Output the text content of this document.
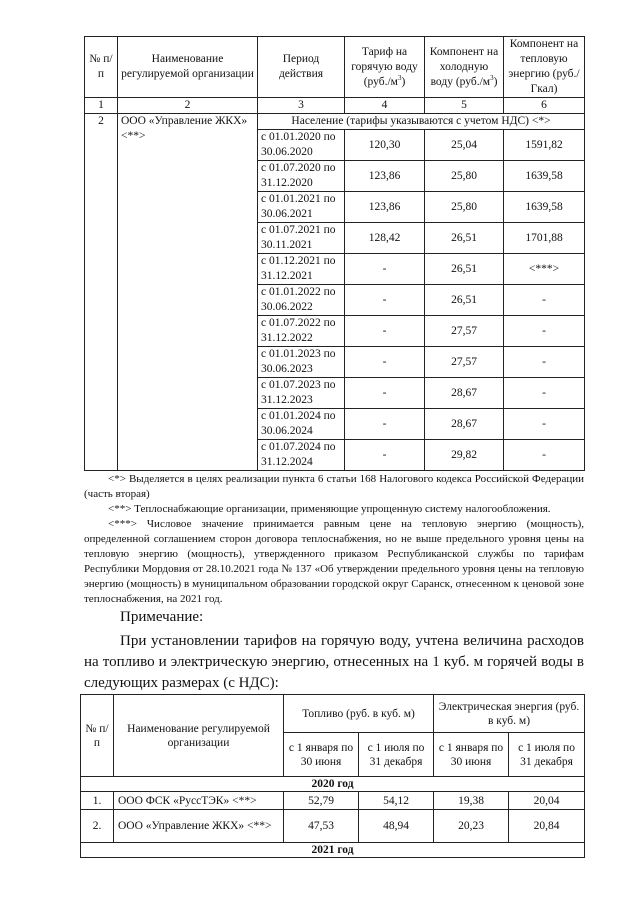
№ п/п	Наименование регулируемой организации	Период действия	Тариф на горячую воду $(руб./м^3)$	Компонент на холодную воду $(руб./м^3)$	Компонент на тепловую энергию (руб./Гкал)
1	2	3	4	5	6
2	ООО «Управление ЖКХ» <**>	Население (тарифы указываются с учетом НДС) <*>			
		с 01.01.2020 по 30.06.2020	120,30	25,04	1591,82
		с 01.07.2020 по 31.12.2020	123,86	25,80	1639,58
		с 01.01.2021 по 30.06.2021	123,86	25,80	1639,58
		с 01.07.2021 по 30.11.2021	128,42	26,51	1701,88
		с 01.12.2021 по 31.12.2021	-	26,51	<***>
		с 01.01.2022 по 30.06.2022	-	26,51	-
		с 01.07.2022 по 31.12.2022	-	27,57	-
		с 01.01.2023 по 30.06.2023	-	27,57	-
		с 01.07.2023 по 31.12.2023	-	28,67	-
		с 01.01.2024 по 30.06.2024	-	28,67	-
		с 01.07.2024 по 31.12.2024	-	29,82	-

<*> Выделяется в целях реализации пункта 6 статьи 168 Налогового кодекса Российской Федерации (часть вторая)

<**> Теплоснабжающие организации, применяющие упрощенную систему налогообложения.

<***> Числовое значение принимается равным цене на тепловую энергию (мощность), определенной соглашением сторон договора теплоснабжения, но не выше предельного уровня цены на тепловую энергию (мощность), утвержденного приказом Республиканской службы по тарифам Республики Мордовия от 28.10.2021 года № 137 «Об утверждении предельного уровня цены на тепловую энергию (мощность) в муниципальном образовании городской округ Саранск, отнесенном к ценовой зоне теплоснабжения, на 2021 год.

Примечание:

При установлении тарифов на горячую воду, учтена величина расходов на топливо и электрическую энергию, отнесенных на 1 куб. м горячей воды в следующих размерах (с НДС):

№ п/п	Наименование регулируемой организации	Топливо (руб. в куб. м)		Электрическая энергия (руб. в куб. м)	
		с 1 января по 30 июня	с 1 июля по 31 декабря	с 1 января по 30 июня	с 1 июля по 31 декабря
2020 год					
1.	ООО ФСК «РуссТЭК» <**>	52,79	54,12	19,38	20,04
2.	ООО «Управление ЖКХ» <**>	47,53	48,94	20,23	20,84
2021 год					
